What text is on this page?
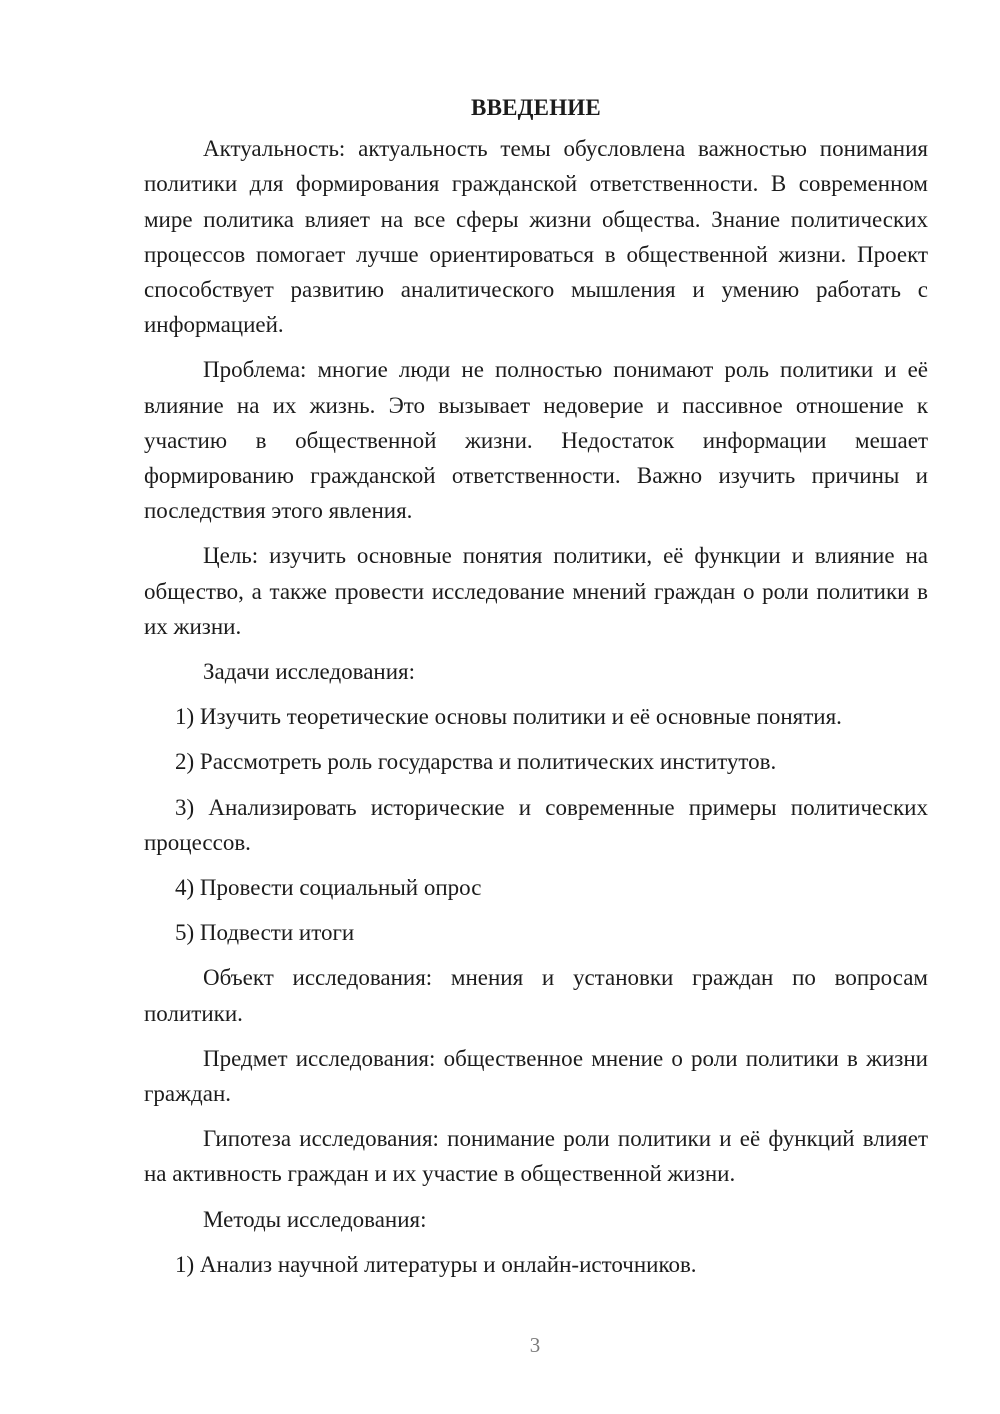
ВВЕДЕНИЕ

Актуальность: актуальность темы обусловлена важностью понимания политики для формирования гражданской ответственности. В современном мире политика влияет на все сферы жизни общества. Знание политических процессов помогает лучше ориентироваться в общественной жизни. Проект способствует развитию аналитического мышления и умению работать с информацией.

Проблема: многие люди не полностью понимают роль политики и её влияние на их жизнь. Это вызывает недоверие и пассивное отношение к участию в общественной жизни. Недостаток информации мешает формированию гражданской ответственности. Важно изучить причины и последствия этого явления.

Цель: изучить основные понятия политики, её функции и влияние на общество, а также провести исследование мнений граждан о роли политики в их жизни.

Задачи исследования:

1) Изучить теоретические основы политики и её основные понятия.

2) Рассмотреть роль государства и политических институтов.

3) Анализировать исторические и современные примеры политических процессов.

4) Провести социальный опрос

5) Подвести итоги

Объект исследования: мнения и установки граждан по вопросам политики.

Предмет исследования: общественное мнение о роли политики в жизни граждан.

Гипотеза исследования: понимание роли политики и её функций влияет на активность граждан и их участие в общественной жизни.

Методы исследования:

1) Анализ научной литературы и онлайн-источников.

3
